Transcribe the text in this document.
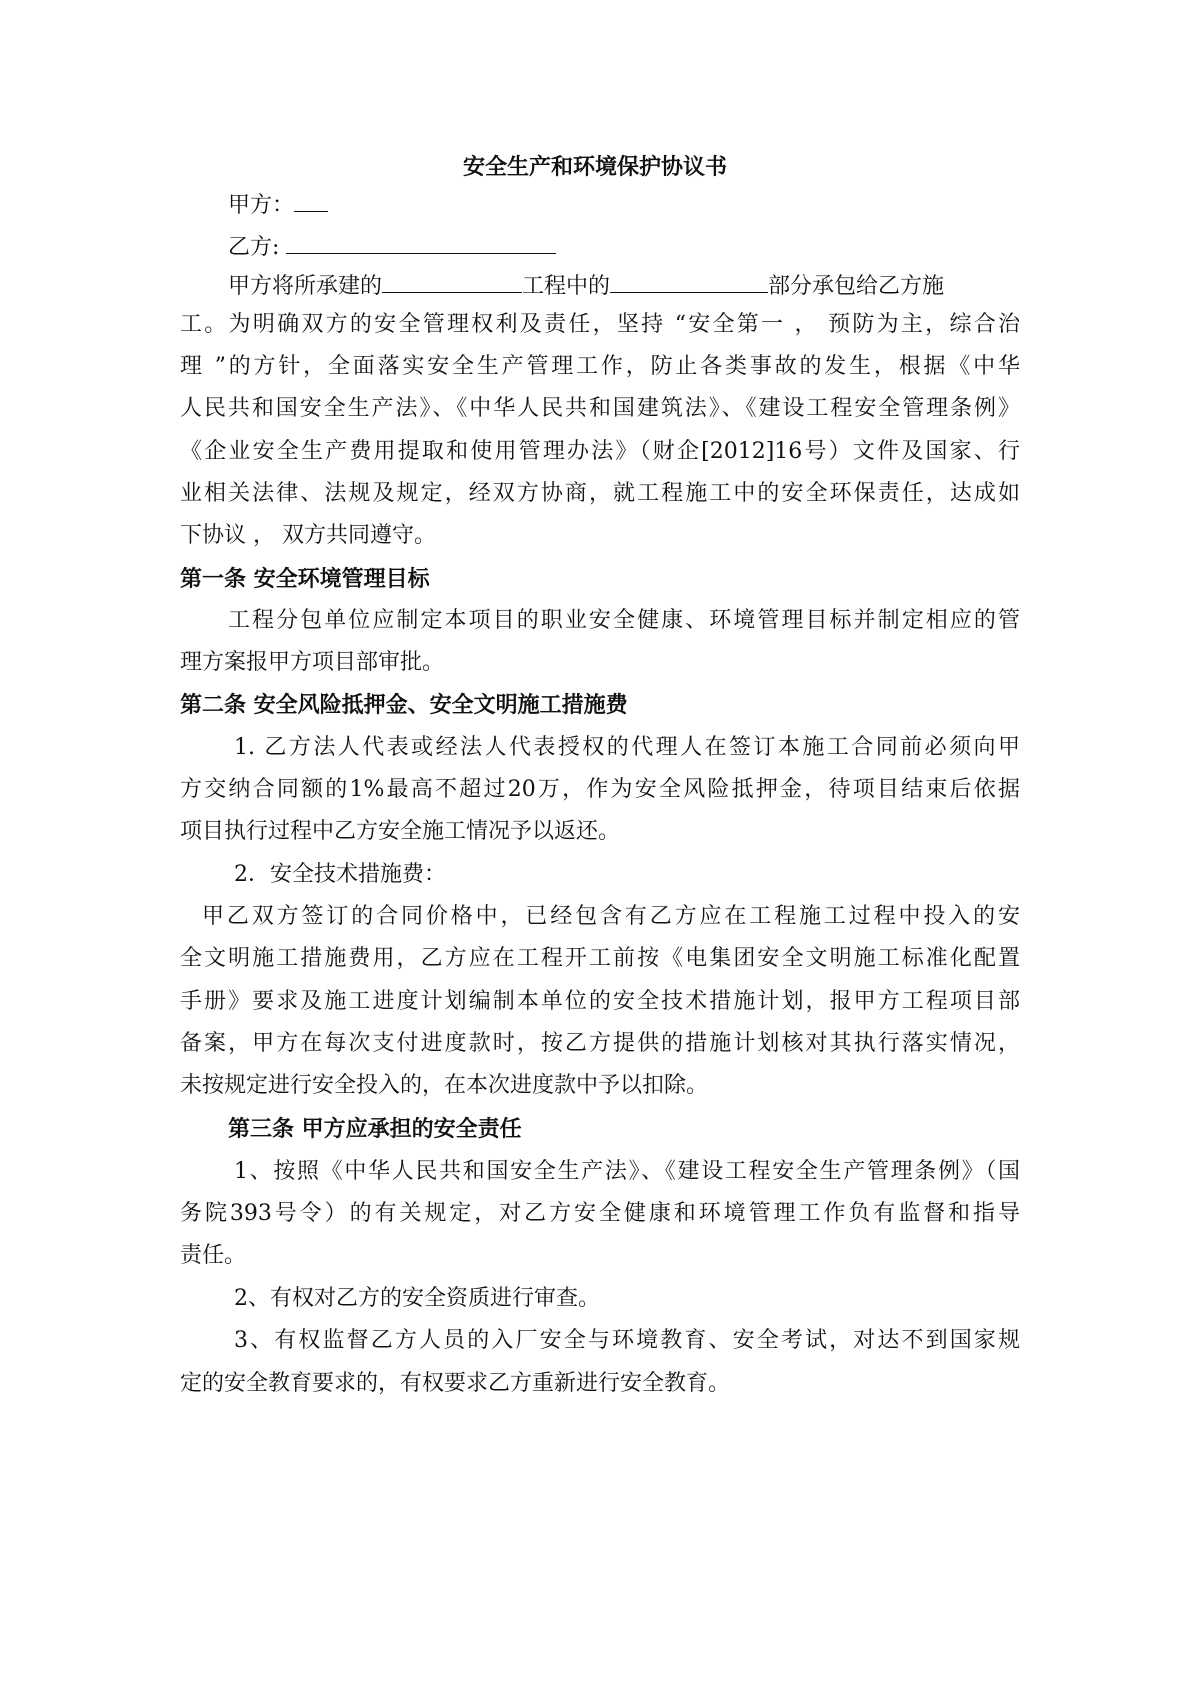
安全生产和环境保护协议书
甲方：
乙方:
甲方将所承建的	工程中的	部分承包给乙方施
工。为明确双方的安全管理权利及责任，坚持 “安全第一 ， 预防为主，综合治
理 ”的方针，全面落实安全生产管理工作，防止各类事故的发生，根据《中华
人民共和国安全生产法》、《中华人民共和国建筑法》、《建设工程安全管理条例》
《企业安全生产费用提取和使用管理办法》（财企[2012]16号）文件及国家、行
业相关法律、法规及规定，经双方协商，就工程施工中的安全环保责任，达成如
下协议 ， 双方共同遵守。
第一条 安全环境管理目标
工程分包单位应制定本项目的职业安全健康、环境管理目标并制定相应的管
理方案报甲方项目部审批。
第二条 安全风险抵押金、安全文明施工措施费
1. 乙方法人代表或经法人代表授权的代理人在签订本施工合同前必须向甲
方交纳合同额的1%最高不超过20万，作为安全风险抵押金，待项目结束后依据
项目执行过程中乙方安全施工情况予以返还。
2．安全技术措施费：
甲乙双方签订的合同价格中，已经包含有乙方应在工程施工过程中投入的安
全文明施工措施费用，乙方应在工程开工前按《电集团安全文明施工标准化配置
手册》要求及施工进度计划编制本单位的安全技术措施计划，报甲方工程项目部
备案，甲方在每次支付进度款时，按乙方提供的措施计划核对其执行落实情况，
未按规定进行安全投入的，在本次进度款中予以扣除。
第三条 甲方应承担的安全责任
1、按照《中华人民共和国安全生产法》、《建设工程安全生产管理条例》（国
务院393号令）的有关规定，对乙方安全健康和环境管理工作负有监督和指导
责任。
2、有权对乙方的安全资质进行审查。
3、有权监督乙方人员的入厂安全与环境教育、安全考试，对达不到国家规
定的安全教育要求的，有权要求乙方重新进行安全教育。
